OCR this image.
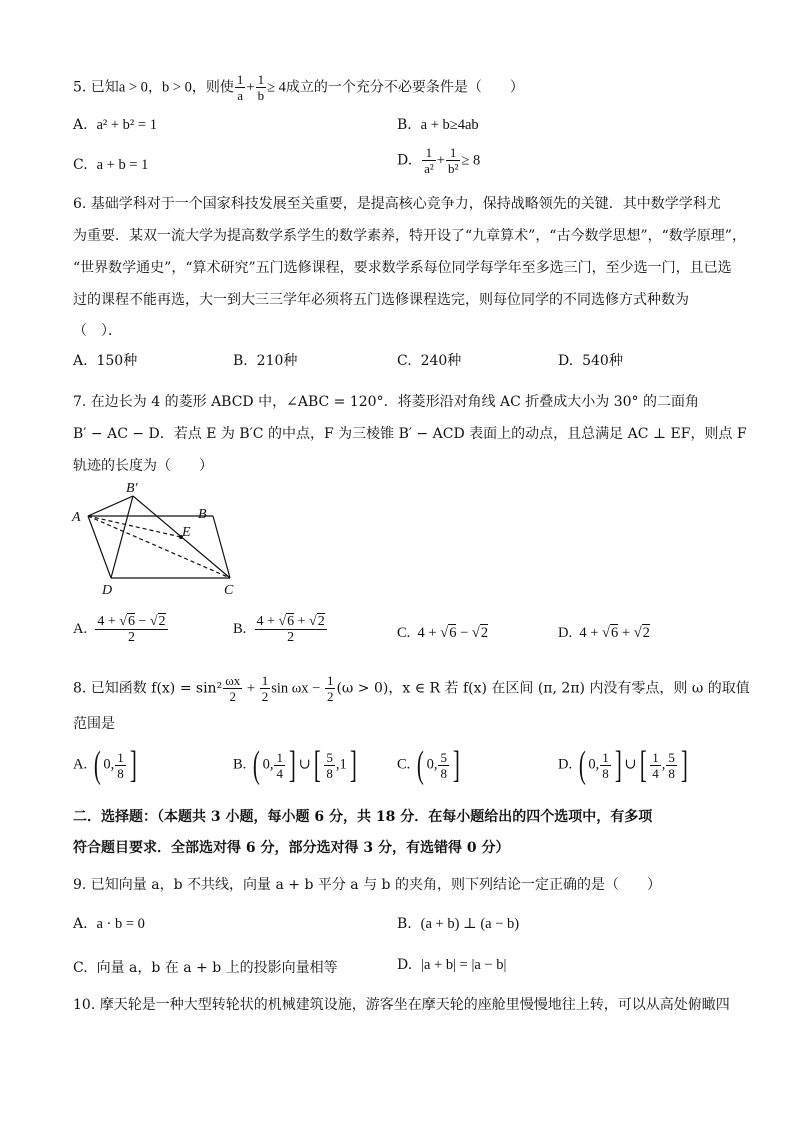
5. 已知a > 0，b > 0，则使 $\frac{1}{a} + \frac{1}{b} \ge 4$成立的一个充分不必要条件是（　　）
A. a² + b² = 1	B. a + b≥4ab
C. a + b = 1	D. $\frac{1}{\text{a²}} + \frac{1}{\text{b²}} \ge 8$
6. 基础学科对于一个国家科技发展至关重要，是提高核心竞争力，保持战略领先的关键．其中数学学科尤
为重要．某双一流大学为提高数学系学生的数学素养，特开设了“九章算术”，“古今数学思想”，“数学原理”，
“世界数学通史”，“算术研究”五门选修课程，要求数学系每位同学每学年至多选三门，至少选一门，且已选
过的课程不能再选，大一到大三三学年必须将五门选修课程选完，则每位同学的不同选修方式种数为
（　）．
A. 150种	B. 210种	C. 240种	D. 540种
7. 在边长为 4 的菱形 ABCD 中，∠ABC = 120°．将菱形沿对角线 AC 折叠成大小为 30° 的二面角
B′ − AC − D．若点 E 为 B′C 的中点，F 为三棱锥 B′ − ACD 表面上的动点，且总满足 AC ⊥ EF，则点 F
轨迹的长度为（　　）
A
B′
B
E
D	C
A. $\frac{4 + √6 - √2}{2}$	B. $\frac{4 + √6 + √2}{2}$	C. 4 + √6 − √2	D. 4 + √6 + √2
8. 已知函数 $f(x) = \sin^2 \frac{\omega x}{2} + \frac{1}{2}$ $\sin \omega x - \frac{1}{2} (\omega > 0)$，x ∈ R 若 f(x) 在区间 (π, 2π) 内没有零点，则 ω 的取值
范围是
A. ( 0, $\frac{1}{8}$ ]	B. ( 0, $\frac{1}{4}$ ] ∪[ $\frac{5}{8} ,1$]	C. ( 0, $\frac{5}{8}$ ]	D. ( 0, $\frac{1}{8}$ ] ∪[ $\frac{1}{4}$ , $\frac{5}{8}$ ]
二．选择题：（本题共 3 小题，每小题 6 分，共 18 分．在每小题给出的四个选项中，有多项
符合题目要求．全部选对得 6 分，部分选对得 3 分，有选错得 0 分）
9. 已知向量 a，b 不共线，向量 a + b 平分 a 与 b 的夹角，则下列结论一定正确的是（　　）
A. a · b = 0	B. (a + b) ⊥ (a − b)
C. 向量 a，b 在 a + b 上的投影向量相等	D. |a + b| = |a − b|
10. 摩天轮是一种大型转轮状的机械建筑设施，游客坐在摩天轮的座舱里慢慢地往上转，可以从高处俯瞰四
